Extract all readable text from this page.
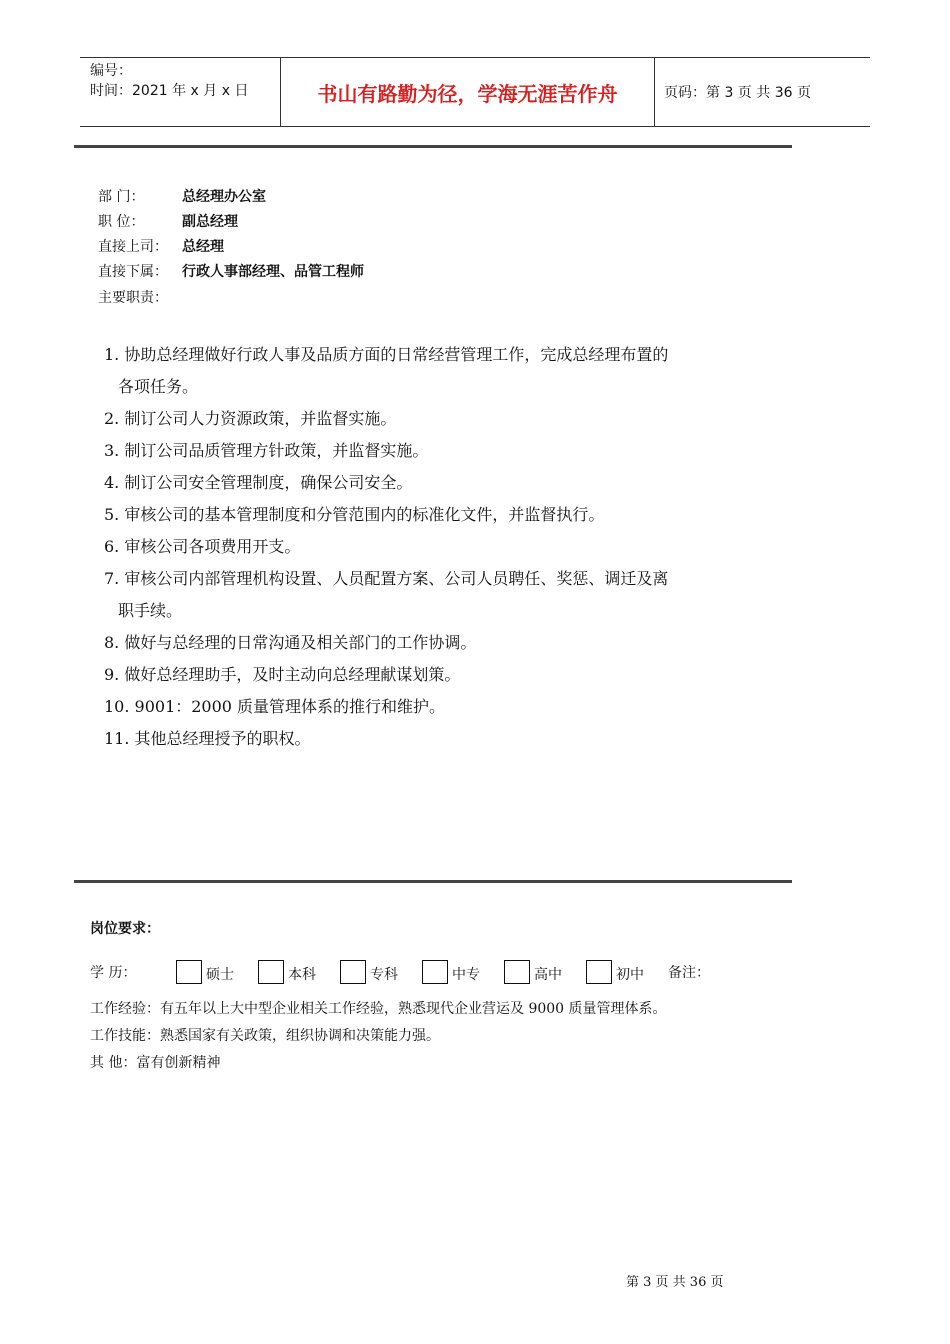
编号：
时间：2021 年 x 月 x 日	书山有路勤为径，学海无涯苦作舟	页码：第 3 页 共 36 页
部 门：	总经理办公室
职 位：	副总经理
直接上司： 总经理
直接下属： 行政人事部经理、品管工程师
主要职责：
1. 协助总经理做好行政人事及品质方面的日常经营管理工作，完成总经理布置的
各项任务。
2. 制订公司人力资源政策，并监督实施。
3. 制订公司品质管理方针政策，并监督实施。
4. 制订公司安全管理制度，确保公司安全。
5. 审核公司的基本管理制度和分管范围内的标准化文件，并监督执行。
6. 审核公司各项费用开支。
7. 审核公司内部管理机构设置、人员配置方案、公司人员聘任、奖惩、调迁及离
职手续。
8. 做好与总经理的日常沟通及相关部门的工作协调。
9. 做好总经理助手，及时主动向总经理献谋划策。
10. 9001：2000 质量管理体系的推行和维护。
11. 其他总经理授予的职权。
岗位要求：
学 历：	硕士	本科	专科	中专	高中	初中 备注：
工作经验：有五年以上大中型企业相关工作经验，熟悉现代企业营运及 9000 质量管理体系。
工作技能：熟悉国家有关政策，组织协调和决策能力强。
其 他：富有创新精神
第 3 页 共 36 页
